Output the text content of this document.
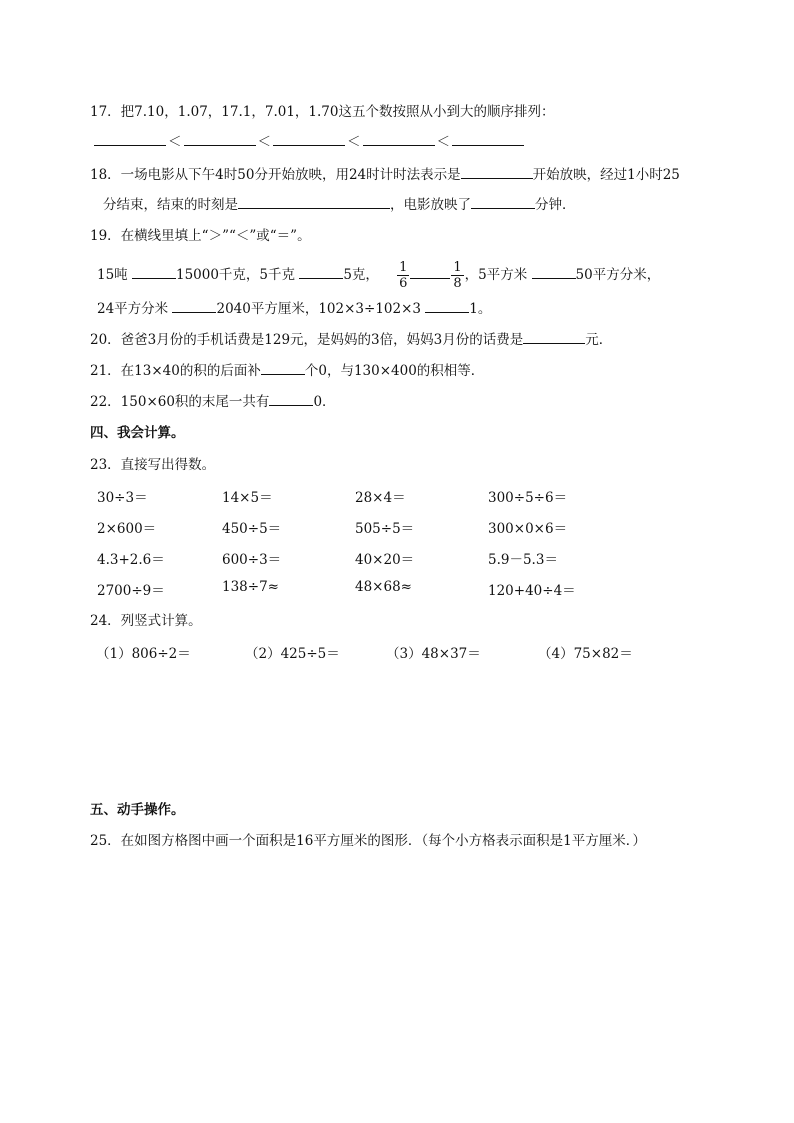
17．把7.10，1.07，17.1，7.01，1.70这五个数按照从小到大的顺序排列：
＜	＜	＜	＜
18．一场电影从下午4时50分开始放映，用24时计时法表示是	开始放映，经过1小时25
分结束，结束的时刻是	，电影放映了	分钟．
19．在横线里填上“＞”“＜”或“＝”。
15吨	15000千克，5千克	5克， $\frac{1}{6}$	$\frac{1}{8}$ ，5平方米	50平方分米，
24平方分米	2040平方厘米，102×3÷102×3	1。
20．爸爸3月份的手机话费是129元，是妈妈的3倍，妈妈3月份的话费是	元．
21．在13×40的积的后面补	个0，与130×400的积相等．
22．150×60积的末尾一共有	0．
四、我会计算。
23．直接写出得数。
30÷3＝	14×5＝	28×4＝	300÷5÷6＝
2×600＝	450÷5＝	505÷5＝	300×0×6＝
4.3+2.6＝	600÷3＝	40×20＝	5.9－5.3＝
2700÷9＝	138÷7≈	48×68≈	120+40÷4＝
24．列竖式计算。
（1）806÷2＝	（2）425÷5＝	（3）48×37＝	（4）75×82＝
五、动手操作。
25．在如图方格图中画一个面积是16平方厘米的图形．（每个小方格表示面积是1平方厘米．）
